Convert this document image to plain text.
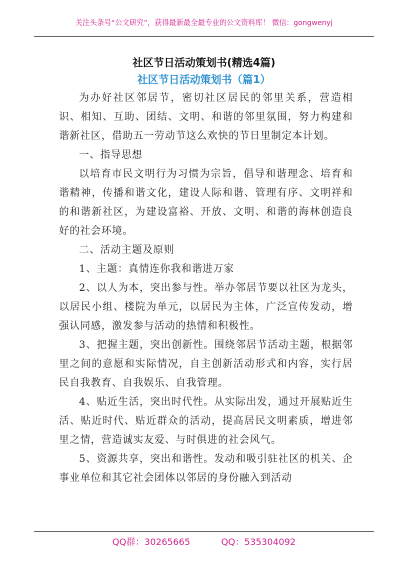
关注头条号“公文研究”，获得最新最全最专业的公文资料库！ 微信：gongwenyj
社区节日活动策划书(精选4篇)
社区节日活动策划书（篇1）

为办好社区邻居节，密切社区居民的邻里关系，营造相识、相知、互助、团结、文明、和谐的邻里氛围，努力构建和谐新社区，借助五一劳动节这么欢快的节日里制定本计划。

一、指导思想

以培育市民文明行为习惯为宗旨，倡导和谐理念、培育和谐精神，传播和谐文化，建设人际和谐、管理有序、文明祥和的和谐新社区，为建设富裕、开放、文明、和谐的海林创造良好的社会环境。

二、活动主题及原则

1、主题：真情连你我和谐进万家

2、以人为本，突出参与性。举办邻居节要以社区为龙头，以居民小组、楼院为单元，以居民为主体，广泛宣传发动，增强认同感，激发参与活动的热情和积极性。

3、把握主题，突出创新性。围绕邻居节活动主题，根据邻里之间的意愿和实际情况，自主创新活动形式和内容，实行居民自我教育、自我娱乐、自我管理。

4、贴近生活，突出时代性。从实际出发，通过开展贴近生活、贴近时代、贴近群众的活动，提高居民文明素质，增进邻里之情，营造诚实友爱、与时俱进的社会风气。

5、资源共享，突出和谐性。发动和吸引驻社区的机关、企事业单位和其它社会团体以邻居的身份融入到活动

QQ群：30265665	QQ：535304092
